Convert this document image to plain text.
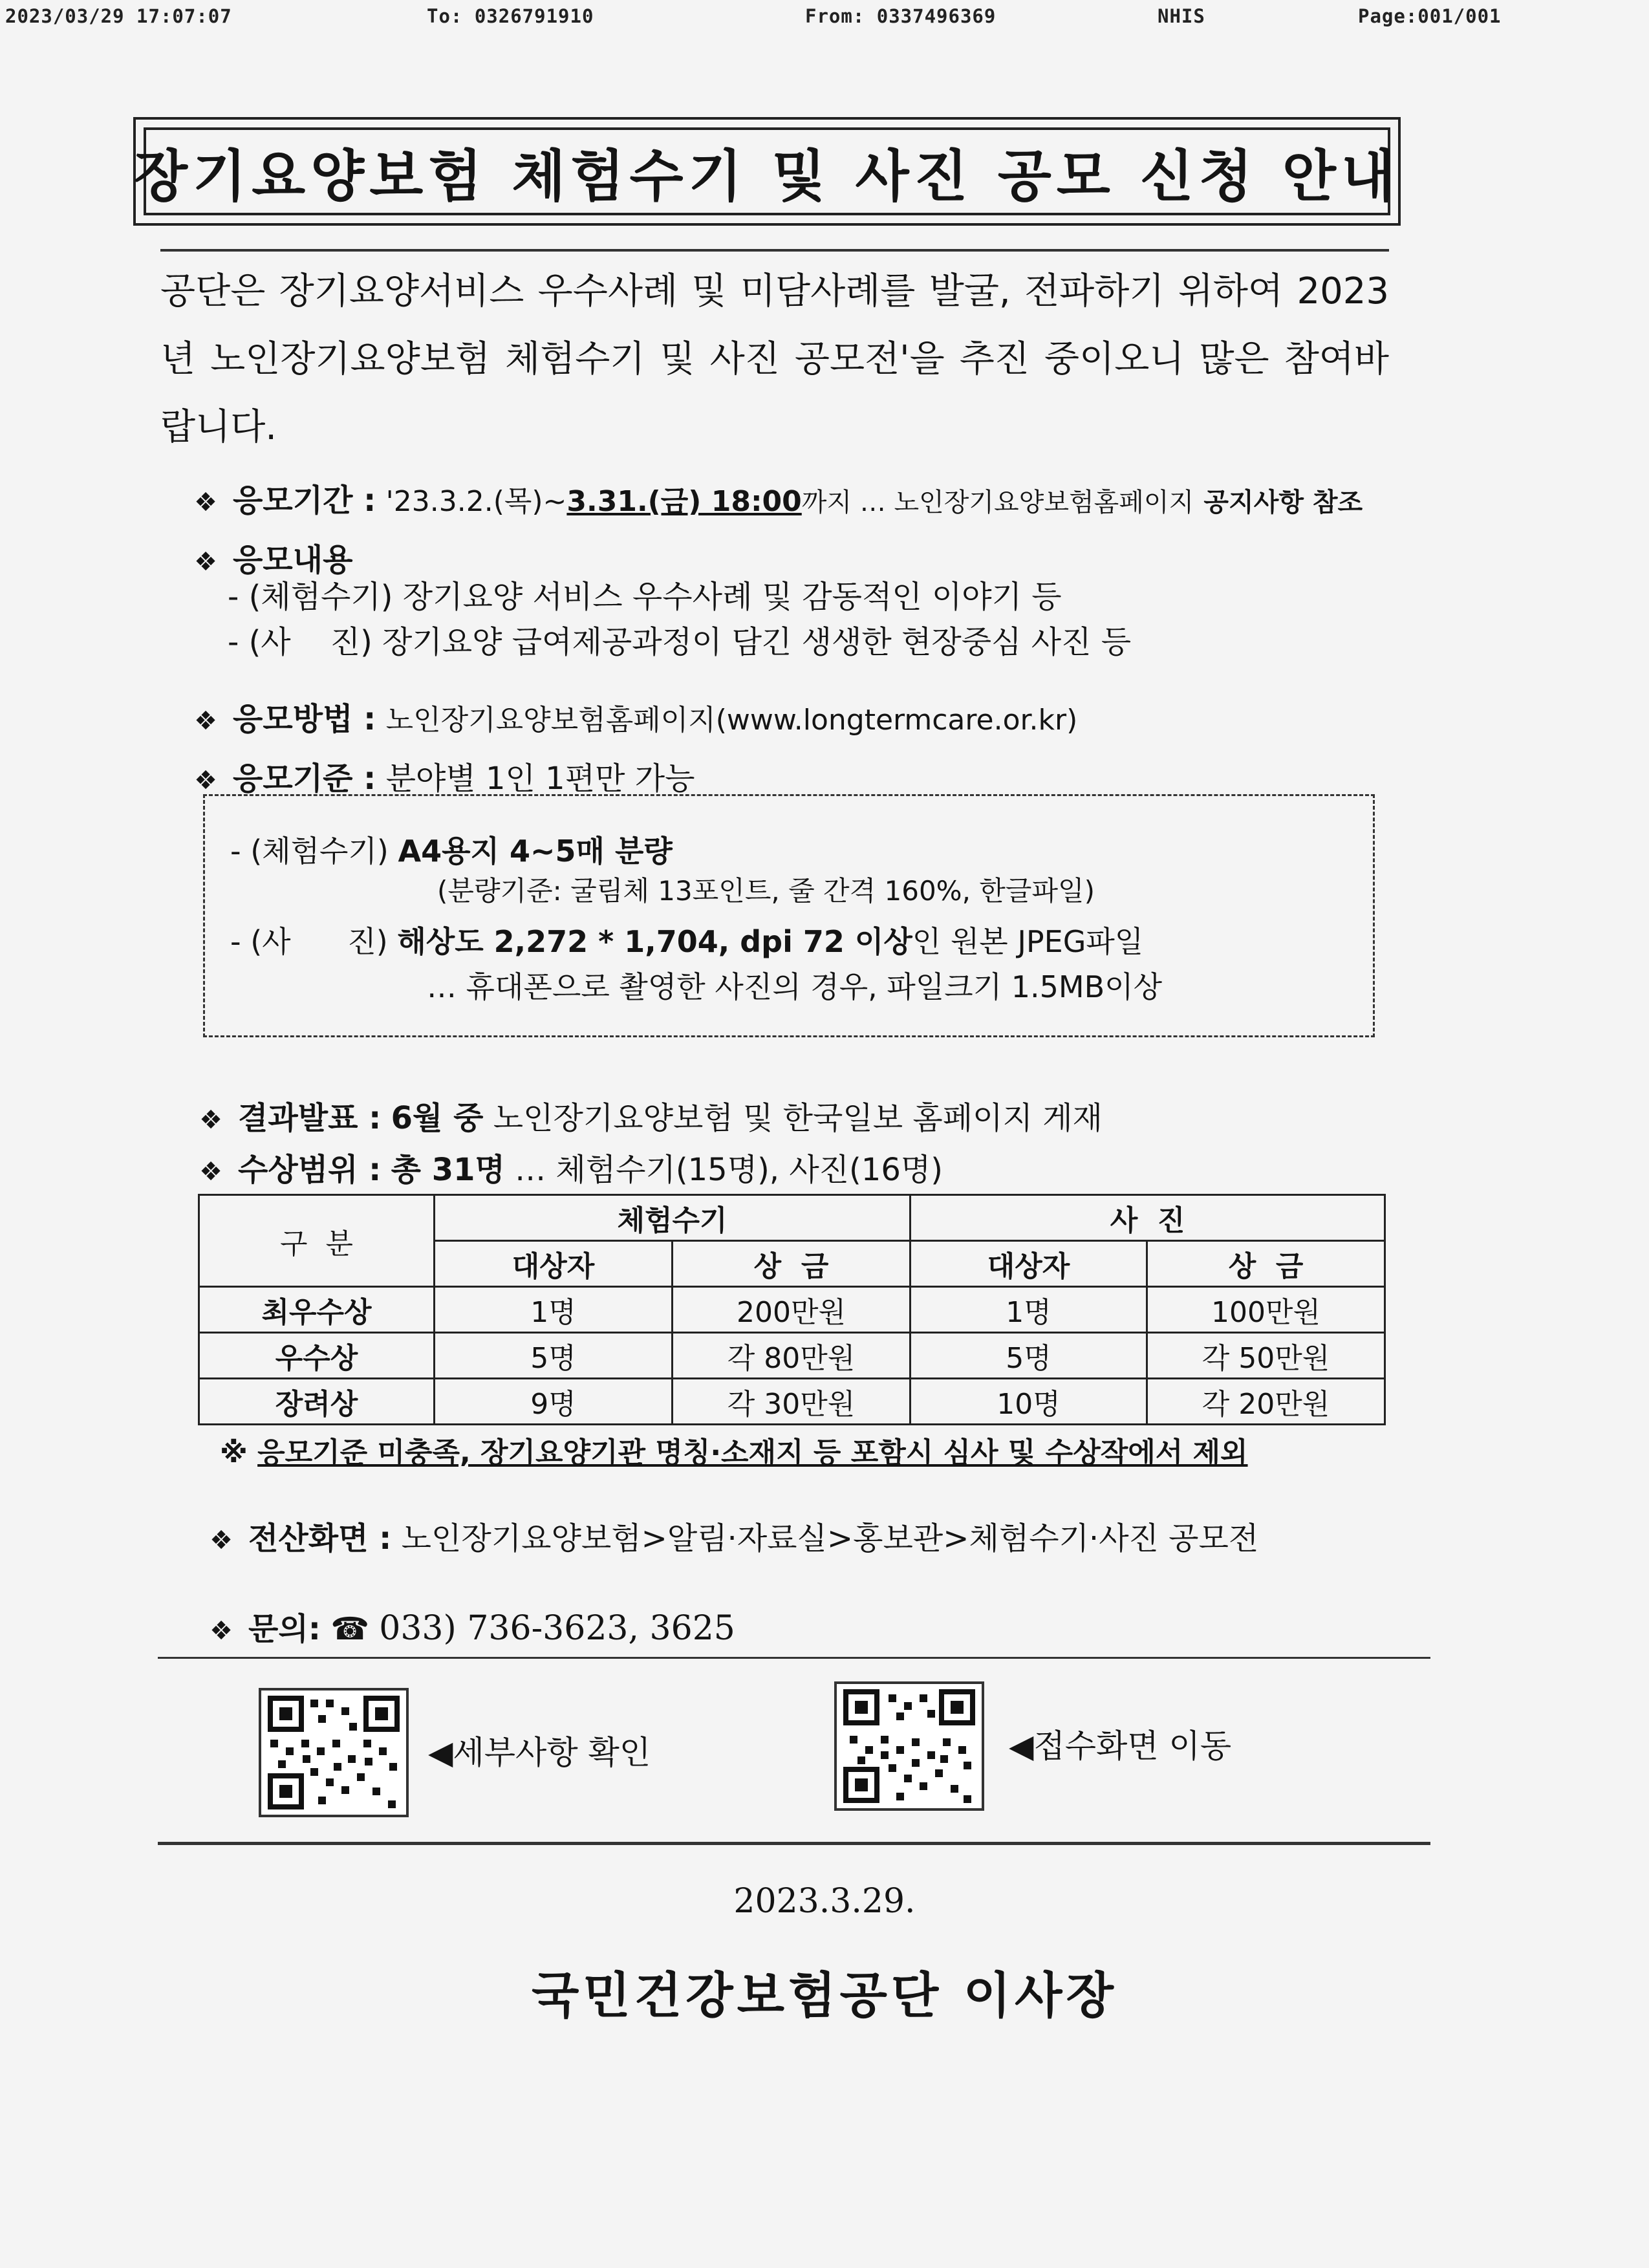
2023/03/29 17:07:07	To: 0326791910	From: 0337496369	NHIS	Page:001/001
장기요양보험 체험수기 및 사진 공모 신청 안내
공단은 장기요양서비스 우수사례 및 미담사례를 발굴, 전파하기 위하여 2023년 노인장기요양보험 체험수기 및 사진 공모전'을 추진 중이오니 많은 참여바랍니다.
❖ 응모기간 : '23.3.2.(목)~3.31.(금) 18:00까지 … 노인장기요양보험홈페이지 공지사항 참조
❖ 응모내용
- (체험수기) 장기요양 서비스 우수사례 및 감동적인 이야기 등
- (사    진) 장기요양 급여제공과정이 담긴 생생한 현장중심 사진 등
❖ 응모방법 : 노인장기요양보험홈페이지(www.longtermcare.or.kr)
❖ 응모기준 : 분야별 1인 1편만 가능
- (체험수기) A4용지 4~5매 분량
(분량기준: 굴림체 13포인트, 줄 간격 160%, 한글파일)
- (사      진) 해상도 2,272 * 1,704, dpi 72 이상인 원본 JPEG파일
… 휴대폰으로 촬영한 사진의 경우, 파일크기 1.5MB이상
❖ 결과발표 : 6월 중 노인장기요양보험 및 한국일보 홈페이지 게재
❖ 수상범위 : 총 31명 … 체험수기(15명), 사진(16명)
구  분	체험수기		사  진	
	대상자	상  금	대상자	상  금
최우수상	1명	200만원	1명	100만원
우수상	5명	각 80만원	5명	각 50만원
장려상	9명	각 30만원	10명	각 20만원
※ 응모기준 미충족, 장기요양기관 명칭·소재지 등 포함시 심사 및 수상작에서 제외
❖ 전산화면 : 노인장기요양보험>알림·자료실>홍보관>체험수기·사진 공모전
❖ 문의: ☎ 033) 736-3623, 3625
◀세부사항 확인	◀접수화면 이동
2023.3.29.
국민건강보험공단 이사장
